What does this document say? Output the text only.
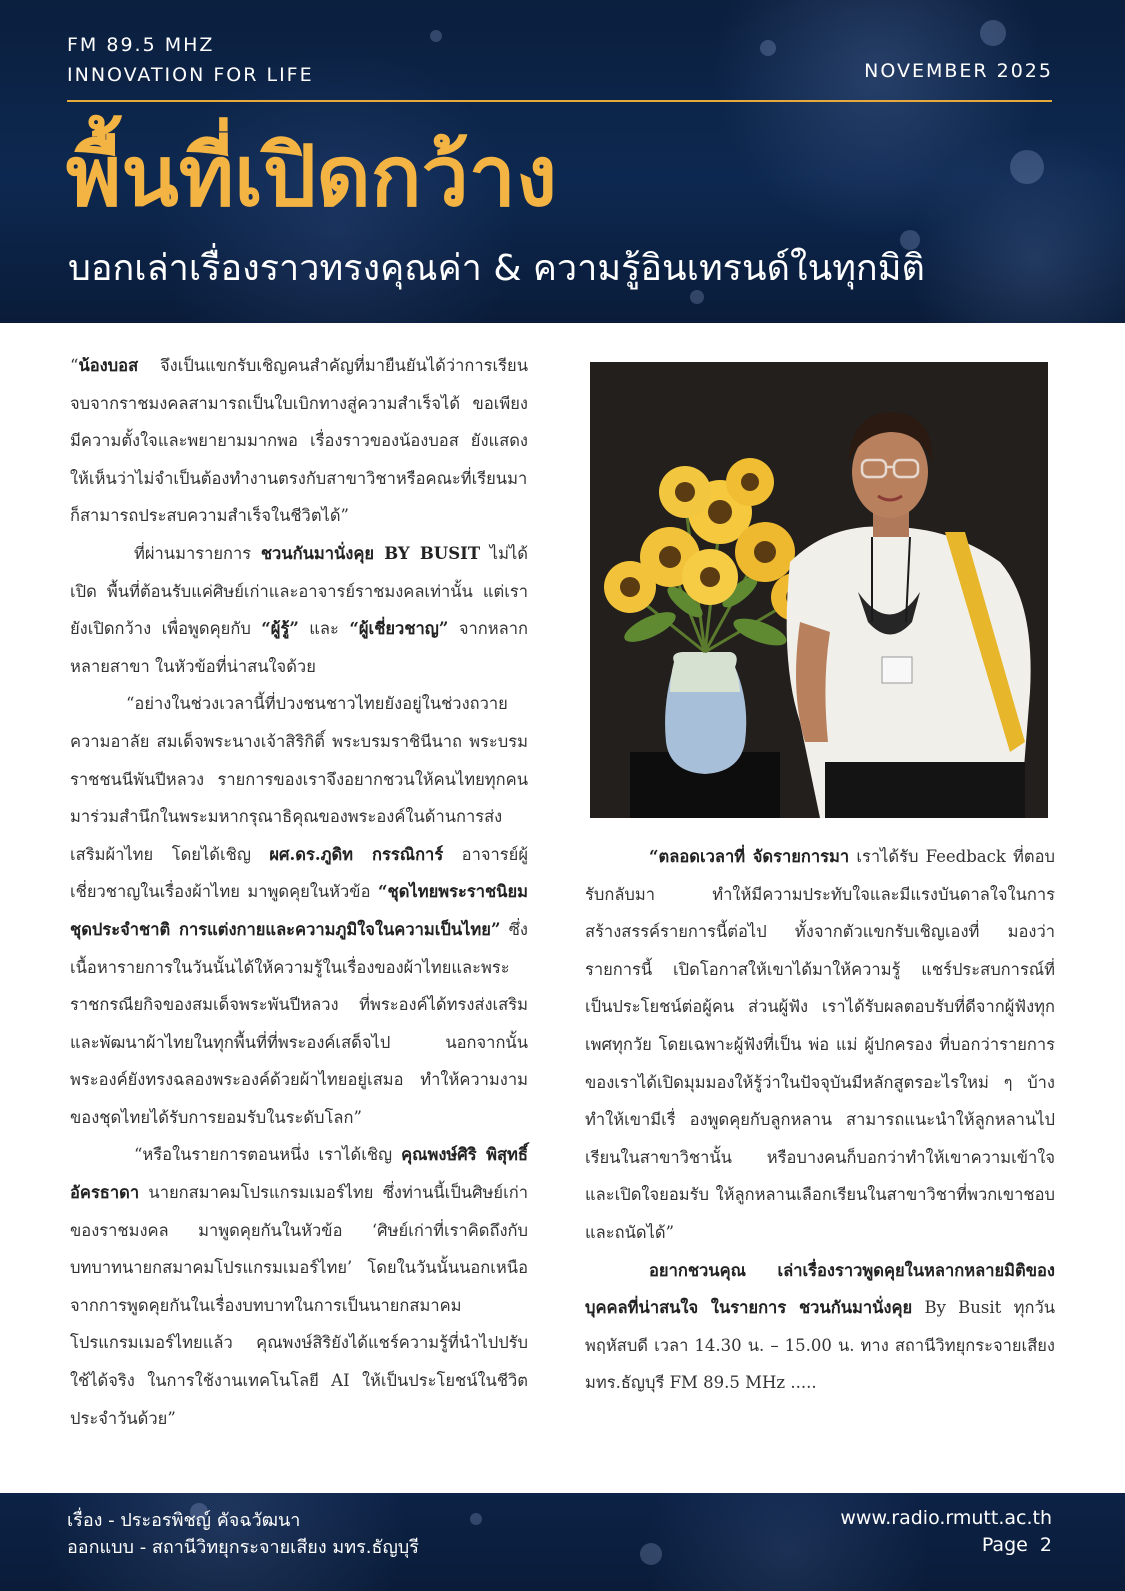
FM 89.5 MHZ
INNOVATION FOR LIFE	NOVEMBER 2025
พื้นที่เปิดกว้าง
บอกเล่าเรื่องราวทรงคุณค่า & ความรู้อินเทรนด์ในทุกมิติ

“น้องบอส จึงเป็นแขกรับเชิญคนสำคัญที่มายืนยันได้ว่าการเรียนจบจากราชมงคลสามารถเป็นใบเบิกทางสู่ความสำเร็จได้ ขอเพียงมีความตั้งใจและพยายามมากพอ เรื่องราวของน้องบอส ยังแสดงให้เห็นว่าไม่จำเป็นต้องทำงานตรงกับสาขาวิชาหรือคณะที่เรียนมาก็สามารถประสบความสำเร็จในชีวิตได้”

ที่ผ่านมารายการ ชวนกันมานั่งคุย BY BUSIT ไม่ได้เปิด พื้นที่ต้อนรับแค่ศิษย์เก่าและอาจารย์ราชมงคลเท่านั้น แต่เรายังเปิดกว้าง เพื่อพูดคุยกับ “ผู้รู้” และ “ผู้เชี่ยวชาญ” จากหลากหลายสาขา ในหัวข้อที่น่าสนใจด้วย

“อย่างในช่วงเวลานี้ที่ปวงชนชาวไทยยังอยู่ในช่วงถวายความอาลัย สมเด็จพระนางเจ้าสิริกิติ์ พระบรมราชินีนาถ พระบรมราชชนนีพันปีหลวง รายการของเราจึงอยากชวนให้คนไทยทุกคนมาร่วมสำนึกในพระมหากรุณาธิคุณของพระองค์ในด้านการส่งเสริมผ้าไทย โดยได้เชิญ ผศ.ดร.ภูดิท กรรณิการ์ อาจารย์ผู้เชี่ยวชาญในเรื่องผ้าไทย มาพูดคุยในหัวข้อ “ชุดไทยพระราชนิยม ชุดประจำชาติ การแต่งกายและความภูมิใจในความเป็นไทย” ซึ่งเนื้อหารายการในวันนั้นได้ให้ความรู้ในเรื่องของผ้าไทยและพระราชกรณียกิจของสมเด็จพระพันปีหลวง ที่พระองค์ได้ทรงส่งเสริมและพัฒนาผ้าไทยในทุกพื้นที่ที่พระองค์เสด็จไป นอกจากนั้น พระองค์ยังทรงฉลองพระองค์ด้วยผ้าไทยอยู่เสมอ ทำให้ความงามของชุดไทยได้รับการยอมรับในระดับโลก”

“หรือในรายการตอนหนึ่ง เราได้เชิญ คุณพงษ์ศิริ พิสุทธิ์อัครธาดา นายกสมาคมโปรแกรมเมอร์ไทย ซึ่งท่านนี้เป็นศิษย์เก่าของราชมงคล มาพูดคุยกันในหัวข้อ ‘ศิษย์เก่าที่เราคิดถึงกับบทบาทนายกสมาคมโปรแกรมเมอร์ไทย’ โดยในวันนั้นนอกเหนือจากการพูดคุยกันในเรื่องบทบาทในการเป็นนายกสมาคมโปรแกรมเมอร์ไทยแล้ว คุณพงษ์สิริยังได้แชร์ความรู้ที่นำไปปรับใช้ได้จริง ในการใช้งานเทคโนโลยี AI ให้เป็นประโยชน์ในชีวิตประจำวันด้วย”

“ตลอดเวลาที่ จัดรายการมา เราได้รับ Feedback ที่ตอบรับกลับมา ทำให้มีความประทับใจและมีแรงบันดาลใจในการสร้างสรรค์รายการนี้ต่อไป ทั้งจากตัวแขกรับเชิญเองที่ มองว่ารายการนี้ เปิดโอกาสให้เขาได้มาให้ความรู้ แชร์ประสบการณ์ที่ เป็นประโยชน์ต่อผู้คน ส่วนผู้ฟัง เราได้รับผลตอบรับที่ดีจากผู้ฟังทุกเพศทุกวัย โดยเฉพาะผู้ฟังที่เป็น พ่อ แม่ ผู้ปกครอง ที่บอกว่ารายการของเราได้เปิดมุมมองให้รู้ว่าในปัจจุบันมีหลักสูตรอะไรใหม่ ๆ บ้าง ทำให้เขามีเรื่ องพูดคุยกับลูกหลาน สามารถแนะนำให้ลูกหลานไปเรียนในสาขาวิชานั้น หรือบางคนก็บอกว่าทำให้เขาความเข้าใจและเปิดใจยอมรับ ให้ลูกหลานเลือกเรียนในสาขาวิชาที่พวกเขาชอบและถนัดได้”

อยากชวนคุณ เล่าเรื่องราวพูดคุยในหลากหลายมิติของบุคคลที่น่าสนใจ ในรายการ ชวนกันมานั่งคุย By Busit ทุกวันพฤหัสบดี เวลา 14.30 น. – 15.00 น. ทาง สถานีวิทยุกระจายเสียง มทร.ธัญบุรี FM 89.5 MHz .....

เรื่อง - ประอรพิชญ์ คัจฉวัฒนา
ออกแบบ - สถานีวิทยุกระจายเสียง มทร.ธัญบุรี
www.radio.rmutt.ac.th
Page  2
